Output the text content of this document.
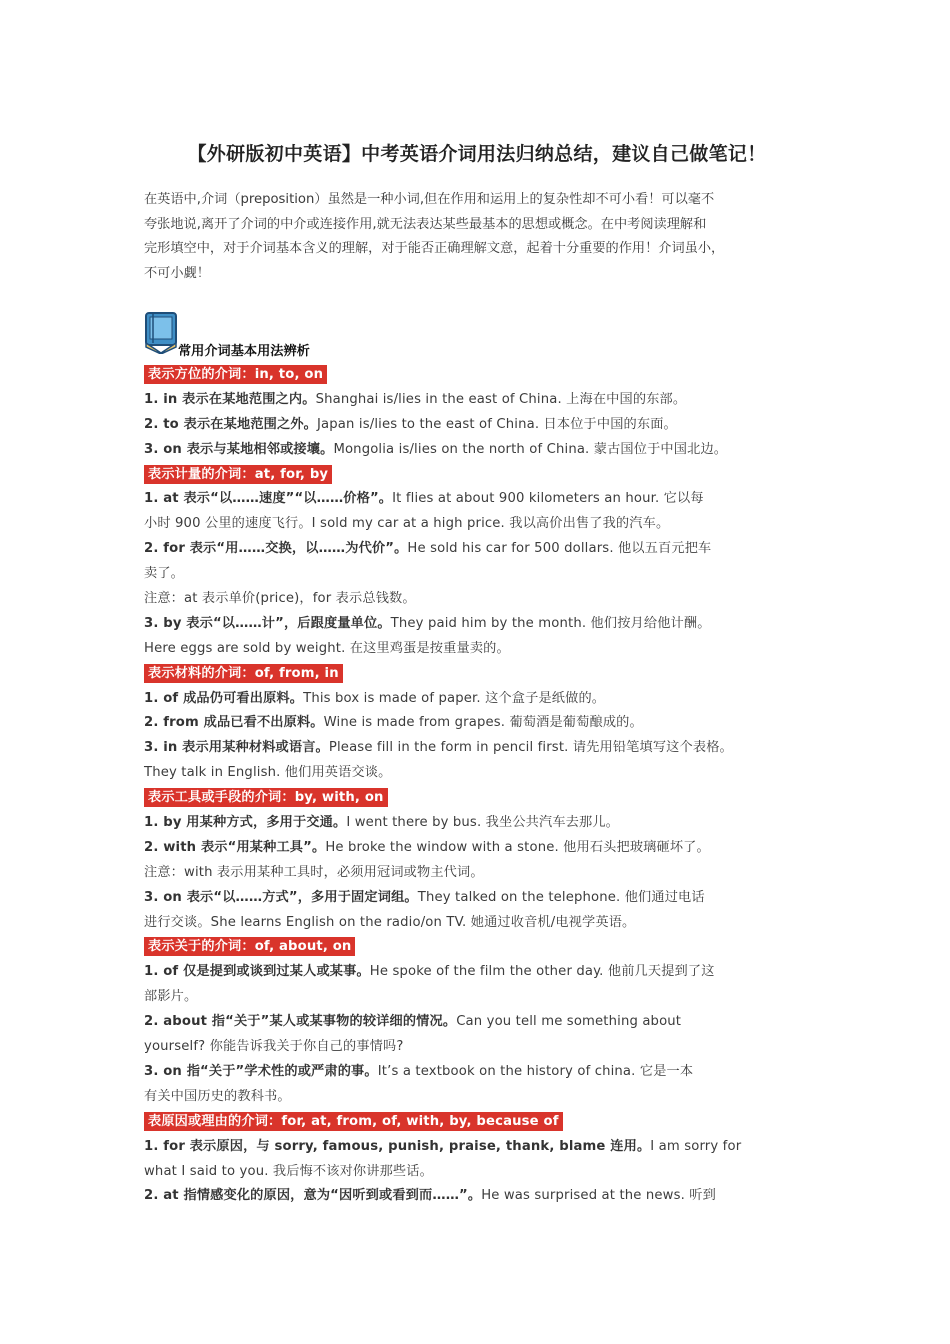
【外研版初中英语】中考英语介词用法归纳总结，建议自己做笔记！
在英语中,介词（preposition）虽然是一种小词,但在作用和运用上的复杂性却不可小看！可以毫不
夸张地说,离开了介词的中介或连接作用,就无法表达某些最基本的思想或概念。在中考阅读理解和
完形填空中，对于介词基本含义的理解，对于能否正确理解文意，起着十分重要的作用！介词虽小，
不可小觑！
常用介词基本用法辨析
表示方位的介词：in, to, on
1. in 表示在某地范围之内。Shanghai is/lies in the east of China. 上海在中国的东部。
2. to 表示在某地范围之外。Japan is/lies to the east of China. 日本位于中国的东面。
3. on 表示与某地相邻或接壤。Mongolia is/lies on the north of China. 蒙古国位于中国北边。
表示计量的介词：at, for, by
1. at 表示“以……速度”“以……价格”。It flies at about 900 kilometers an hour. 它以每
小时 900 公里的速度飞行。I sold my car at a high price. 我以高价出售了我的汽车。
2. for 表示“用……交换，以……为代价”。He sold his car for 500 dollars. 他以五百元把车
卖了。
注意：at 表示单价(price)，for 表示总钱数。
3. by 表示“以……计”，后跟度量单位。They paid him by the month. 他们按月给他计酬。
Here eggs are sold by weight. 在这里鸡蛋是按重量卖的。
表示材料的介词：of, from, in
1. of 成品仍可看出原料。This box is made of paper. 这个盒子是纸做的。
2. from 成品已看不出原料。Wine is made from grapes. 葡萄酒是葡萄酿成的。
3. in 表示用某种材料或语言。Please fill in the form in pencil first. 请先用铅笔填写这个表格。
They talk in English. 他们用英语交谈。
表示工具或手段的介词：by, with, on
1. by 用某种方式，多用于交通。I went there by bus. 我坐公共汽车去那儿。
2. with 表示“用某种工具”。He broke the window with a stone. 他用石头把玻璃砸坏了。
注意：with 表示用某种工具时，必须用冠词或物主代词。
3. on 表示“以……方式”，多用于固定词组。They talked on the telephone. 他们通过电话
进行交谈。She learns English on the radio/on TV. 她通过收音机/电视学英语。
表示关于的介词：of, about, on
1. of 仅是提到或谈到过某人或某事。He spoke of the film the other day. 他前几天提到了这
部影片。
2. about 指“关于”某人或某事物的较详细的情况。Can you tell me something about
yourself? 你能告诉我关于你自己的事情吗?
3. on 指“关于”学术性的或严肃的事。It’s a textbook on the history of china. 它是一本
有关中国历史的教科书。
表原因或理由的介词：for, at, from, of, with, by, because of
1. for 表示原因，与 sorry, famous, punish, praise, thank, blame 连用。I am sorry for
what I said to you. 我后悔不该对你讲那些话。
2. at 指情感变化的原因，意为“因听到或看到而……”。He was surprised at the news. 听到
